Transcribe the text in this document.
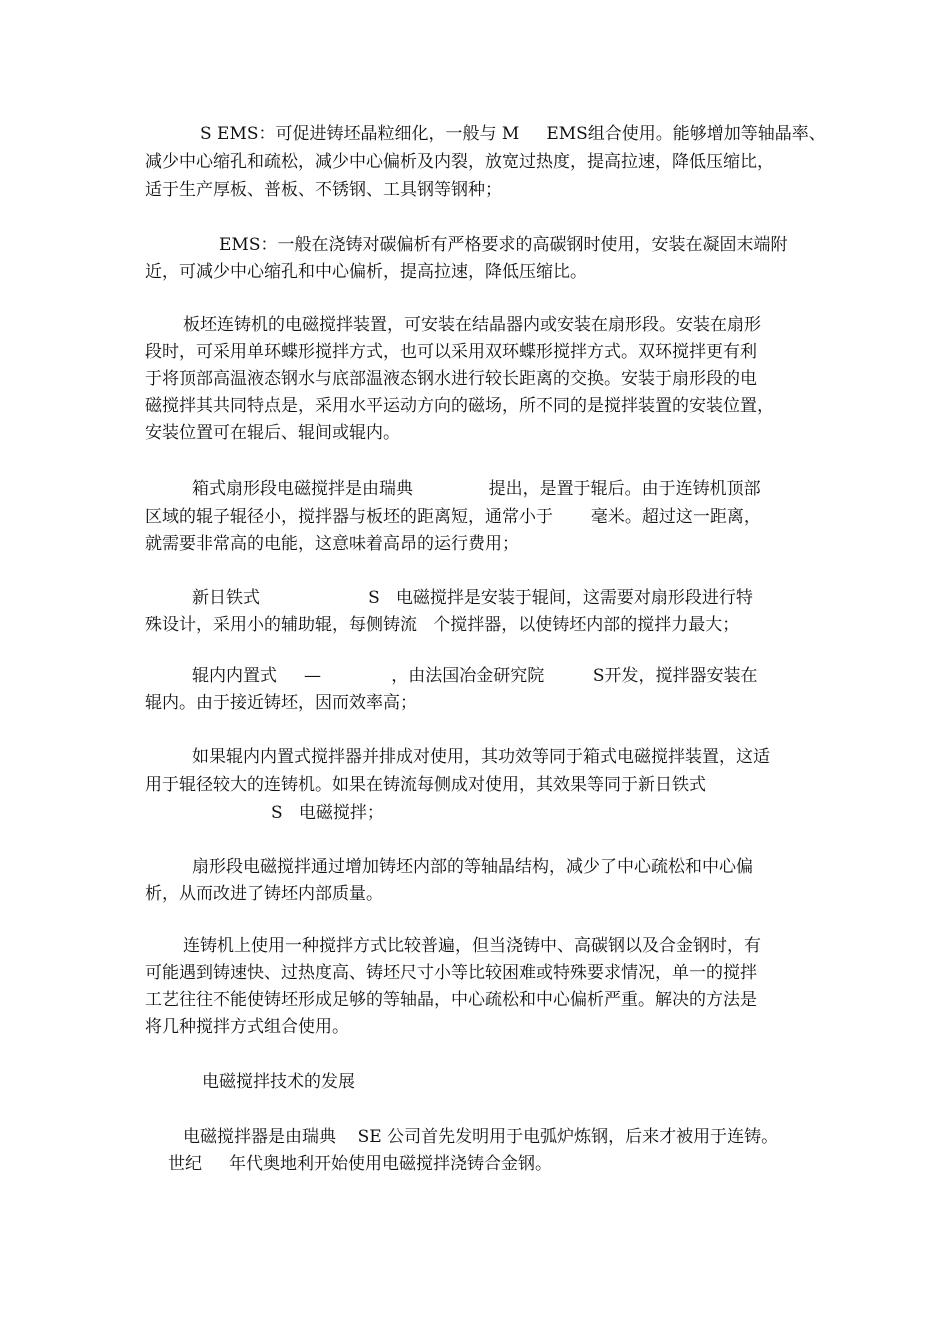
S EMS：可促进铸坯晶粒细化，一般与 M     EMS组合使用。能够增加等轴晶率、
减少中心缩孔和疏松，减少中心偏析及内裂，放宽过热度，提高拉速，降低压缩比，
适于生产厚板、普板、不锈钢、工具钢等钢种；
EMS：一般在浇铸对碳偏析有严格要求的高碳钢时使用，安装在凝固末端附
近，可减少中心缩孔和中心偏析，提高拉速，降低压缩比。
板坯连铸机的电磁搅拌装置，可安装在结晶器内或安装在扇形段。安装在扇形
段时，可采用单环蝶形搅拌方式，也可以采用双环蝶形搅拌方式。双环搅拌更有利
于将顶部高温液态钢水与底部温液态钢水进行较长距离的交换。安装于扇形段的电
磁搅拌其共同特点是，采用水平运动方向的磁场，所不同的是搅拌装置的安装位置，
安装位置可在辊后、辊间或辊内。
箱式扇形段电磁搅拌是由瑞典              提出，是置于辊后。由于连铸机顶部
区域的辊子辊径小，搅拌器与板坯的距离短，通常小于       毫米。超过这一距离，
就需要非常高的电能，这意味着高昂的运行费用；
新日铁式                    S   电磁搅拌是安装于辊间，这需要对扇形段进行特
殊设计，采用小的辅助辊，每侧铸流   个搅拌器，以使铸坯内部的搅拌力最大；
辊内内置式     —             ，由法国冶金研究院         S开发，搅拌器安装在
辊内。由于接近铸坯，因而效率高；
如果辊内内置式搅拌器并排成对使用，其功效等同于箱式电磁搅拌装置，这适
用于辊径较大的连铸机。如果在铸流每侧成对使用，其效果等同于新日铁式
S   电磁搅拌；
扇形段电磁搅拌通过增加铸坯内部的等轴晶结构，减少了中心疏松和中心偏
析，从而改进了铸坯内部质量。
连铸机上使用一种搅拌方式比较普遍，但当浇铸中、高碳钢以及合金钢时，有
可能遇到铸速快、过热度高、铸坯尺寸小等比较困难或特殊要求情况，单一的搅拌
工艺往往不能使铸坯形成足够的等轴晶，中心疏松和中心偏析严重。解决的方法是
将几种搅拌方式组合使用。
电磁搅拌技术的发展
电磁搅拌器是由瑞典    SE 公司首先发明用于电弧炉炼钢，后来才被用于连铸。
世纪     年代奥地利开始使用电磁搅拌浇铸合金钢。
